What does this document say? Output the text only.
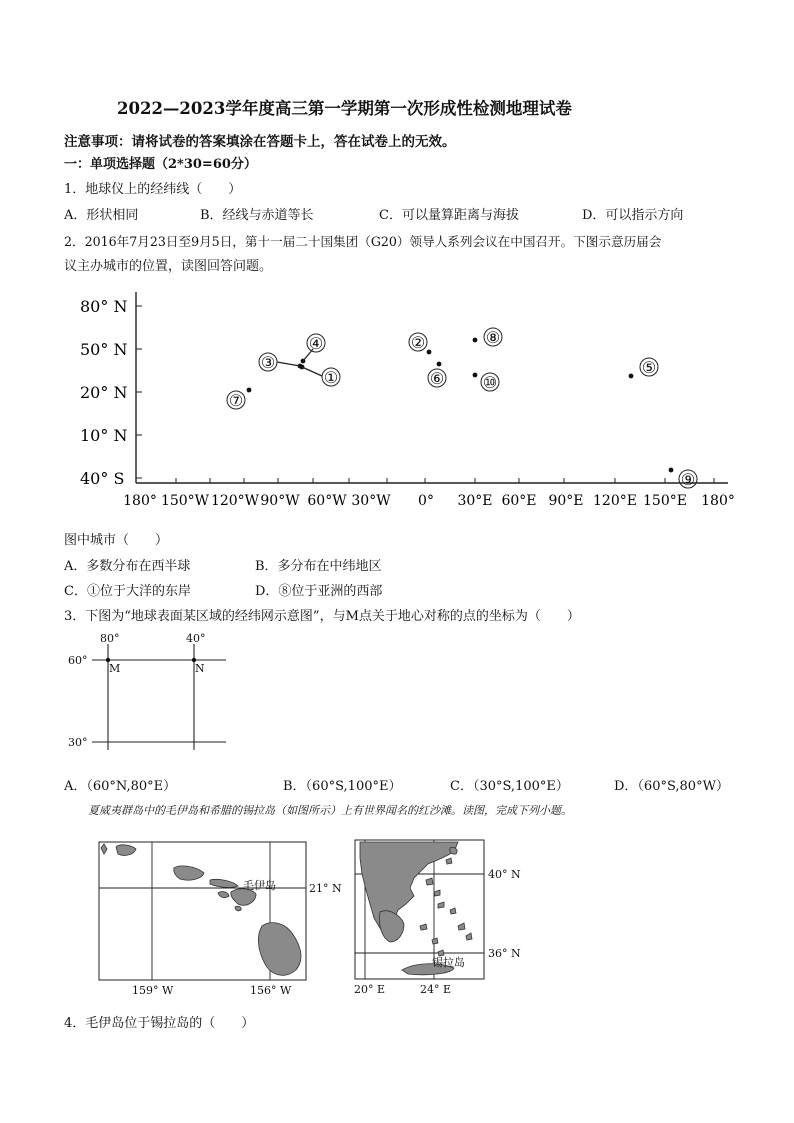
2022—2023学年度高三第一学期第一次形成性检测地理试卷
注意事项：请将试卷的答案填涂在答题卡上，答在试卷上的无效。
一：单项选择题（2*30=60分）
1．地球仪上的经纬线（　　）
A．形状相同	B．经线与赤道等长	C．可以量算距离与海拔	D．可以指示方向
2．2016年7月23日至9月5日，第十一届二十国集团（G20）领导人系列会议在中国召开。下图示意历届会
议主办城市的位置，读图回答问题。
80° N
50° N
20° N
10° N
40° S
180° 150°W 120°W 90°W 60°W 30°W 0° 30°E 60°E 90°E 120°E 150°E 180°
①
②
③
④
⑤
⑥
⑦
⑧
⑨
⑩
图中城市（　　）
A．多数分布在西半球	B．多分布在中纬地区
C．①位于大洋的东岸	D．⑧位于亚洲的西部
3．下图为“地球表面某区域的经纬网示意图”，与M点关于地心对称的点的坐标为（　　）
80°	40°
60°
30°
M	N
A．（60°N,80°E）	B．（60°S,100°E）	C．（30°S,100°E）	D．（60°S,80°W）
夏威夷群岛中的毛伊岛和希腊的锡拉岛（如图所示）上有世界闻名的红沙滩。读图，完成下列小题。
毛伊岛	21° N
159° W	156° W
锡拉岛
40° N
36° N
20° E	24° E
4．毛伊岛位于锡拉岛的（　　）
